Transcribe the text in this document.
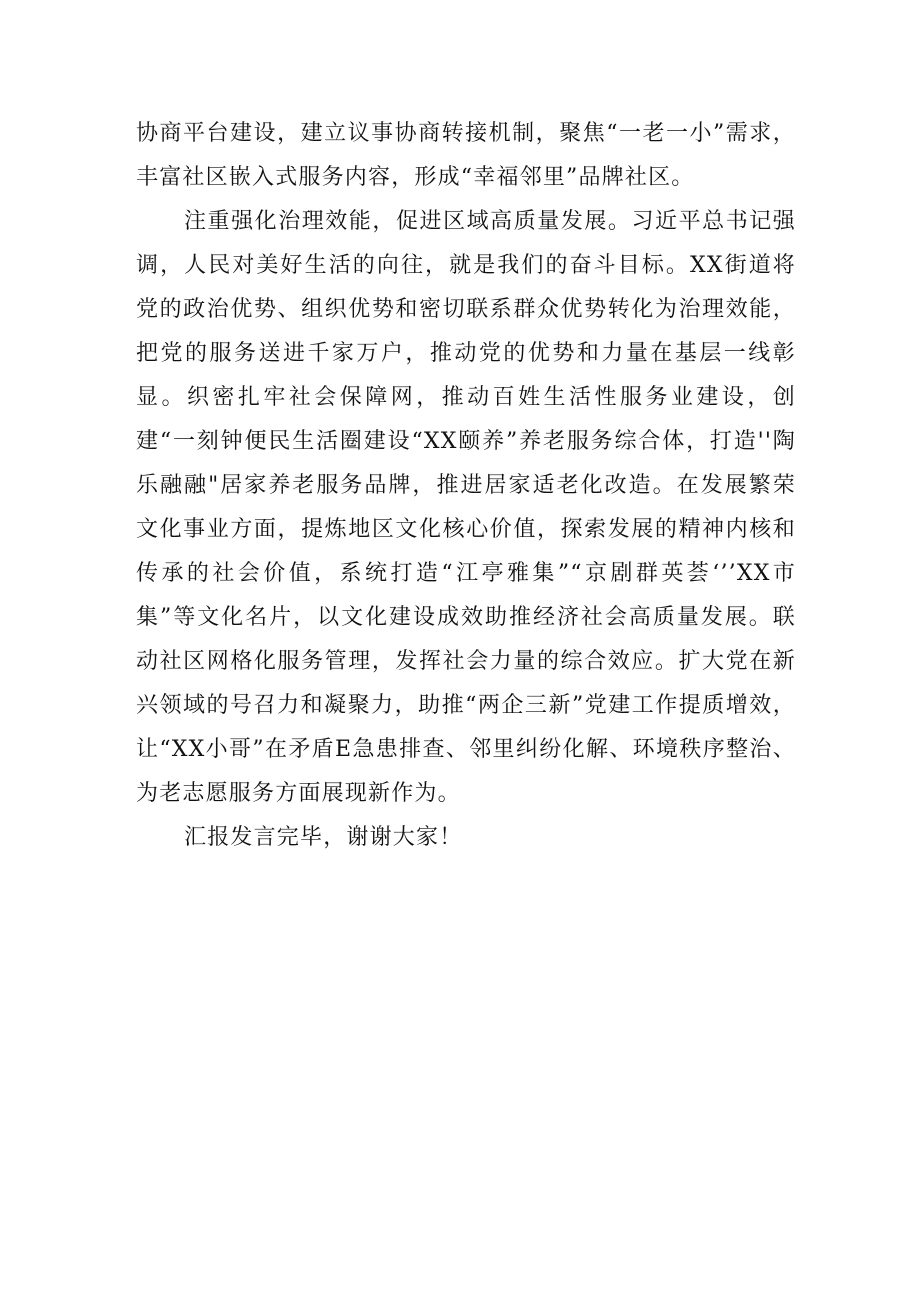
协商平台建设，建立议事协商转接机制，聚焦“一老一小”需求，丰富社区嵌入式服务内容，形成“幸福邻里”品牌社区。

注重强化治理效能，促进区域高质量发展。习近平总书记强调，人民对美好生活的向往，就是我们的奋斗目标。XX街道将党的政治优势、组织优势和密切联系群众优势转化为治理效能，把党的服务送进千家万户，推动党的优势和力量在基层一线彰显。织密扎牢社会保障网，推动百姓生活性服务业建设，创建“一刻钟便民生活圈建设“XX颐养”养老服务综合体，打造''陶乐融融"居家养老服务品牌，推进居家适老化改造。在发展繁荣文化事业方面，提炼地区文化核心价值，探索发展的精神内核和传承的社会价值，系统打造“江亭雅集”“京剧群英荟‘’’XX市集”等文化名片，以文化建设成效助推经济社会高质量发展。联动社区网格化服务管理，发挥社会力量的综合效应。扩大党在新兴领域的号召力和凝聚力，助推“两企三新”党建工作提质增效，让“XX小哥”在矛盾E急患排查、邻里纠纷化解、环境秩序整治、为老志愿服务方面展现新作为。

汇报发言完毕，谢谢大家！
